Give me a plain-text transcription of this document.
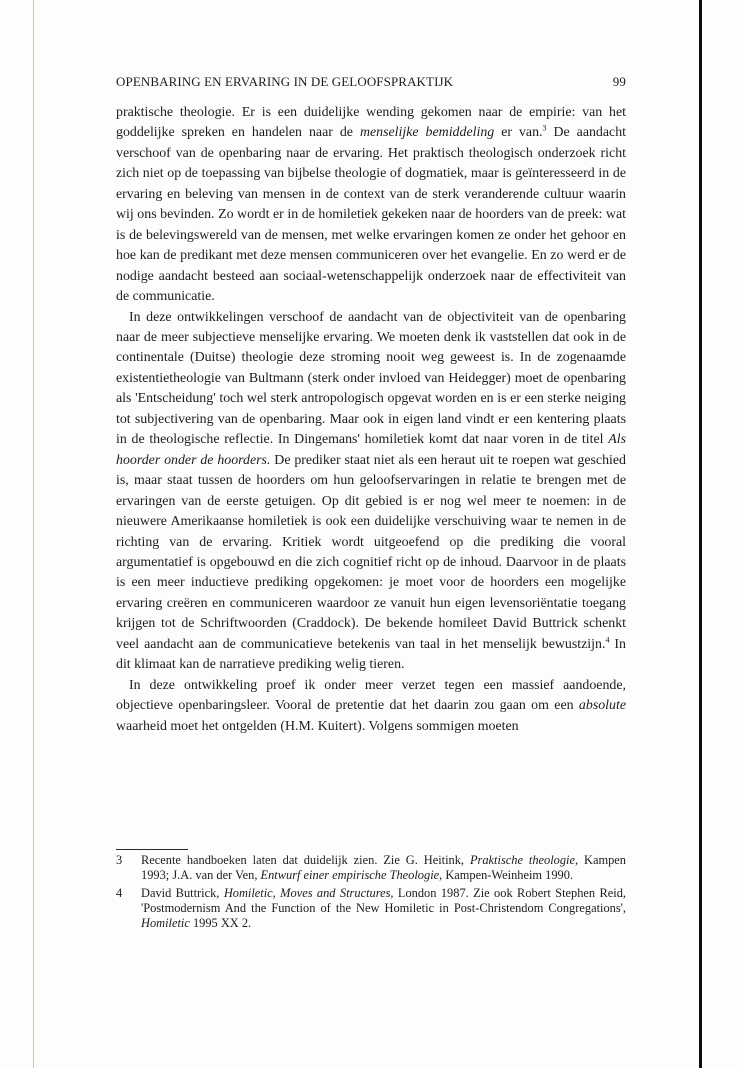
OPENBARING EN ERVARING IN DE GELOOFSPRAKTIJK	99

praktische theologie. Er is een duidelijke wending gekomen naar de empirie: van het goddelijke spreken en handelen naar de menselijke bemiddeling er van.$^3$ De aandacht verschoof van de openbaring naar de ervaring. Het praktisch theologisch onderzoek richt zich niet op de toepassing van bijbelse theologie of dogmatiek, maar is geïnteresseerd in de ervaring en beleving van mensen in de context van de sterk veranderende cultuur waarin wij ons bevinden. Zo wordt er in de homiletiek gekeken naar de hoorders van de preek: wat is de belevingswereld van de mensen, met welke ervaringen komen ze onder het gehoor en hoe kan de predikant met deze mensen communiceren over het evangelie. En zo werd er de nodige aandacht besteed aan sociaal-wetenschappelijk onderzoek naar de effectiviteit van de communicatie.

In deze ontwikkelingen verschoof de aandacht van de objectiviteit van de openbaring naar de meer subjectieve menselijke ervaring. We moeten denk ik vaststellen dat ook in de continentale (Duitse) theologie deze stroming nooit weg geweest is. In de zogenaamde existentietheologie van Bultmann (sterk onder invloed van Heidegger) moet de openbaring als 'Entscheidung' toch wel sterk antropologisch opgevat worden en is er een sterke neiging tot subjectivering van de openbaring. Maar ook in eigen land vindt er een kentering plaats in de theologische reflectie. In Dingemans' homiletiek komt dat naar voren in de titel Als hoorder onder de hoorders. De prediker staat niet als een heraut uit te roepen wat geschied is, maar staat tussen de hoorders om hun geloofservaringen in relatie te brengen met de ervaringen van de eerste getuigen. Op dit gebied is er nog wel meer te noemen: in de nieuwere Amerikaanse homiletiek is ook een duidelijke verschuiving waar te nemen in de richting van de ervaring. Kritiek wordt uitgeoefend op die prediking die vooral argumentatief is opgebouwd en die zich cognitief richt op de inhoud. Daarvoor in de plaats is een meer inductieve prediking opgekomen: je moet voor de hoorders een mogelijke ervaring creëren en communiceren waardoor ze vanuit hun eigen levensoriëntatie toegang krijgen tot de Schriftwoorden (Craddock). De bekende homileet David Buttrick schenkt veel aandacht aan de communicatieve betekenis van taal in het menselijk bewustzijn.$^4$ In dit klimaat kan de narratieve prediking welig tieren.

In deze ontwikkeling proef ik onder meer verzet tegen een massief aandoende, objectieve openbaringsleer. Vooral de pretentie dat het daarin zou gaan om een absolute waarheid moet het ontgelden (H.M. Kuitert). Volgens sommigen moeten

3	Recente handboeken laten dat duidelijk zien. Zie G. Heitink, Praktische theologie, Kampen 1993; J.A. van der Ven, Entwurf einer empirische Theologie, Kampen-Weinheim 1990.
4	David Buttrick, Homiletic, Moves and Structures, London 1987. Zie ook Robert Stephen Reid, 'Postmodernism And the Function of the New Homiletic in Post-Christendom Congregations', Homiletic 1995 XX 2.
